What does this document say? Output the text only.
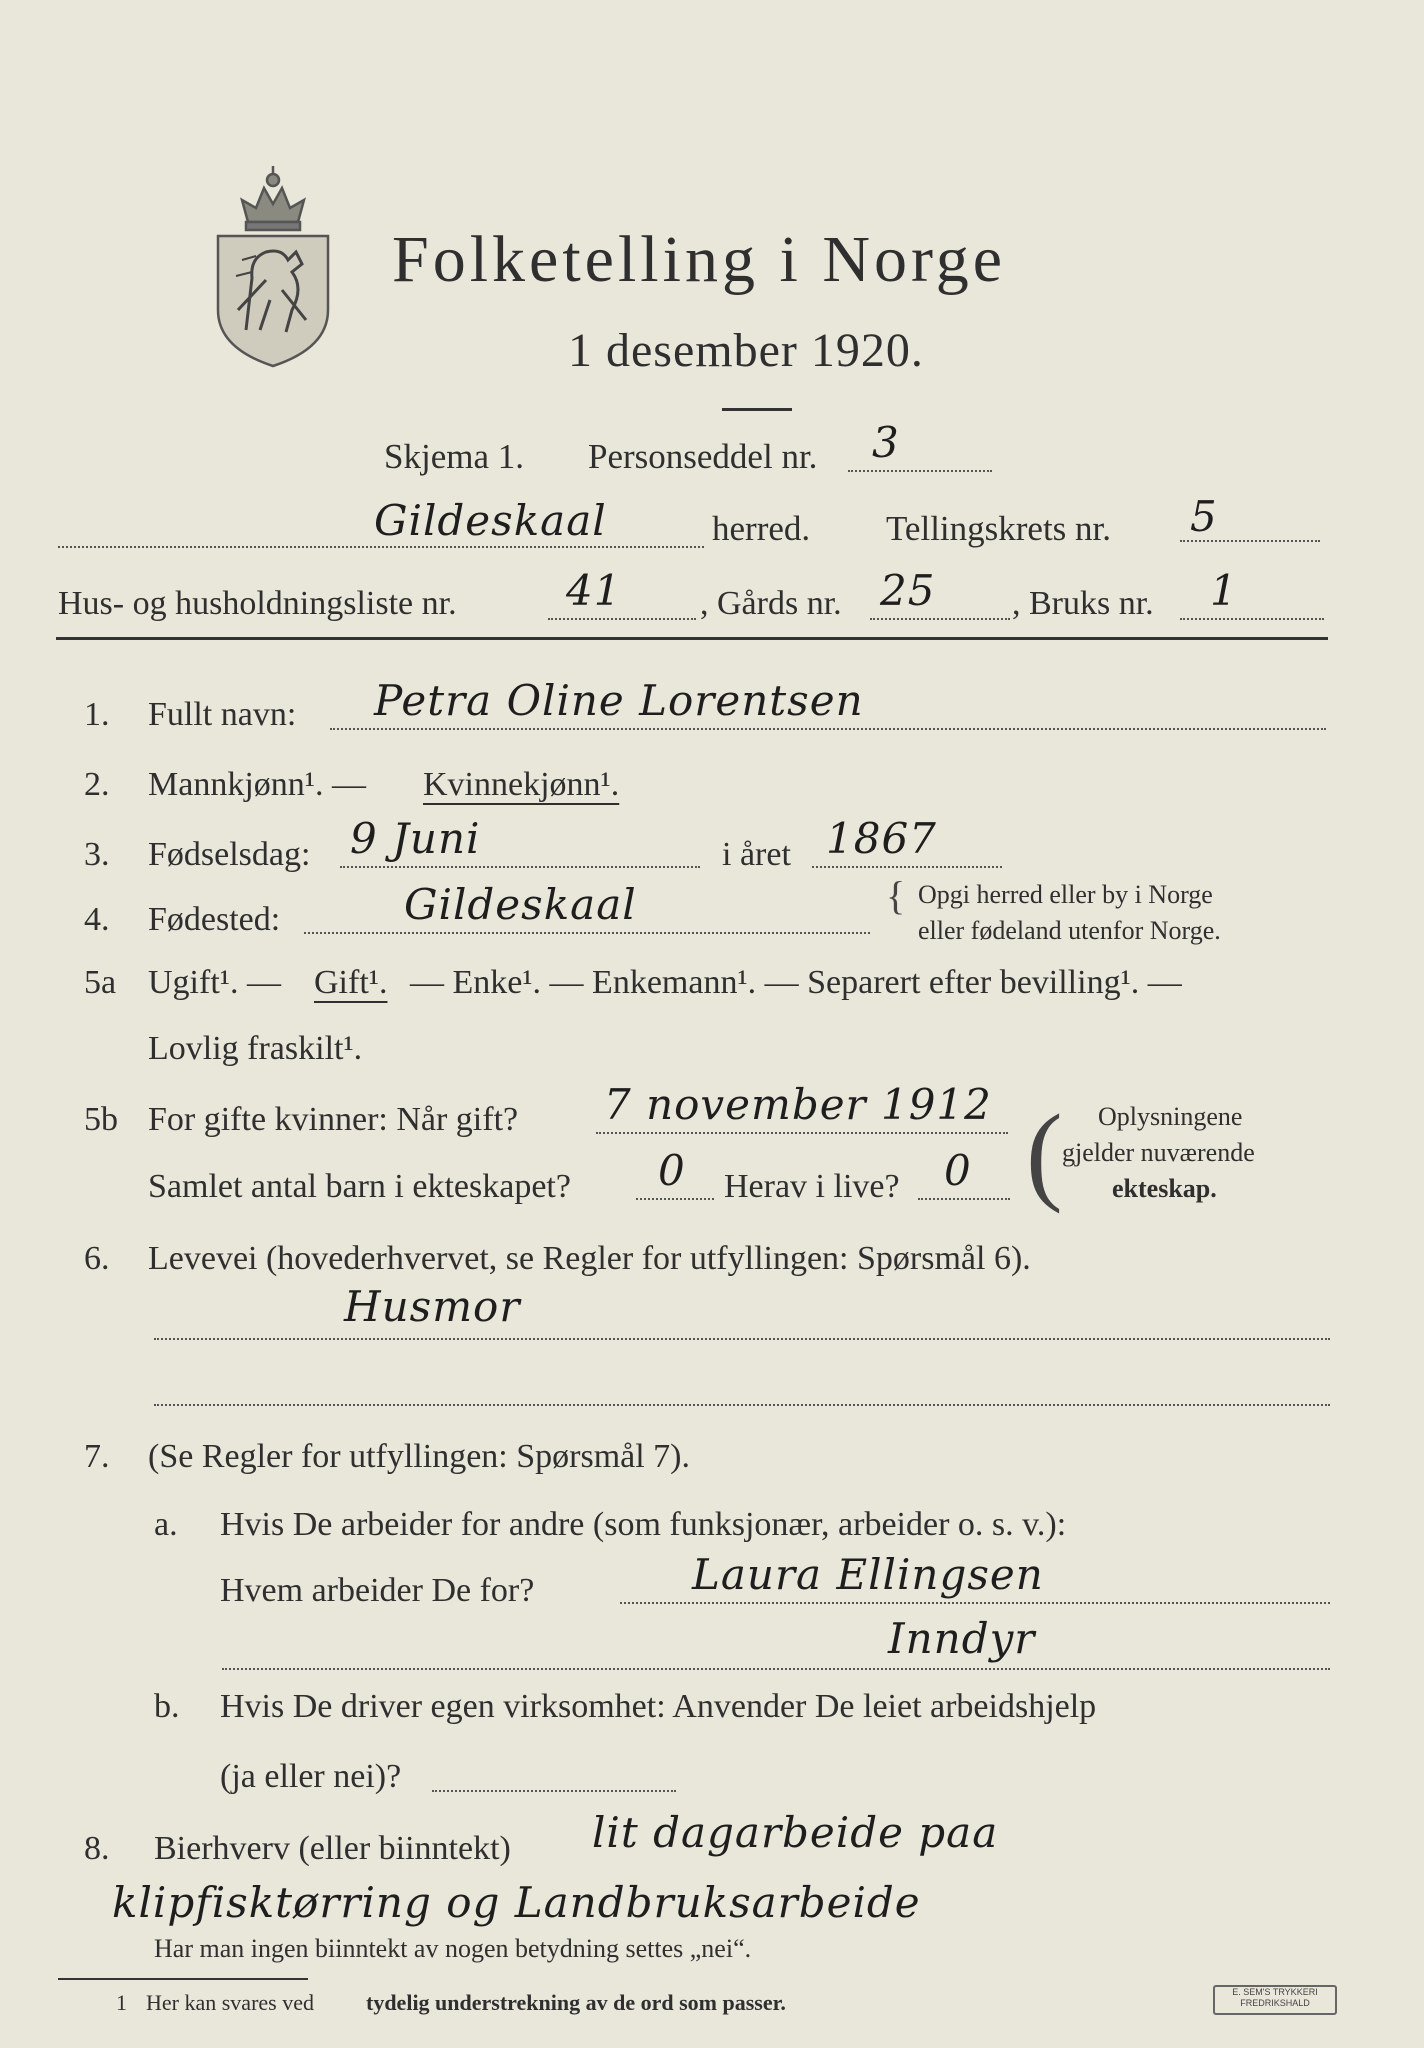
Folketelling i Norge
1 desember 1920.
Skjema 1. Personseddel nr. 3
Gildeskaal	herred. Tellingskrets nr. 5
Hus- og husholdningsliste nr.	41 , Gårds nr. 25 , Bruks nr. 1
1. Fullt navn: Petra Oline Lorentsen
2. Mannkjønn¹. — Kvinnekjønn¹.
3. Fødselsdag: 9 Juni	i året 1867
4. Fødested:	Gildeskaal	{ Opgi herred eller by i Norge
eller fødeland utenfor Norge.
5a Ugift¹. — Gift¹. — Enke¹. — Enkemann¹. — Separert efter bevilling¹. —
Lovlig fraskilt¹.
5b For gifte kvinner: Når gift? 7 november 1912
Samlet antal barn i ekteskapet? 0 Herav i live? 0 ( Oplysningene
gjelder nuværende
ekteskap.
6. Levevei (hovederhvervet, se Regler for utfyllingen: Spørsmål 6).
Husmor
7. (Se Regler for utfyllingen: Spørsmål 7).
a. Hvis De arbeider for andre (som funksjonær, arbeider o. s. v.):
Hvem arbeider De for?	Laura Ellingsen
Inndyr
b. Hvis De driver egen virksomhet: Anvender De leiet arbeidshjelp
(ja eller nei)?
8. Bierhverv (eller biinntekt) lit dagarbeide paa
klipfisktørring og Landbruksarbeide
Har man ingen biinntekt av nogen betydning settes „nei“.
1 Her kan svares ved tydelig understrekning av de ord som passer.	E. SEM'S TRYKKERI FREDRIKSHALD
